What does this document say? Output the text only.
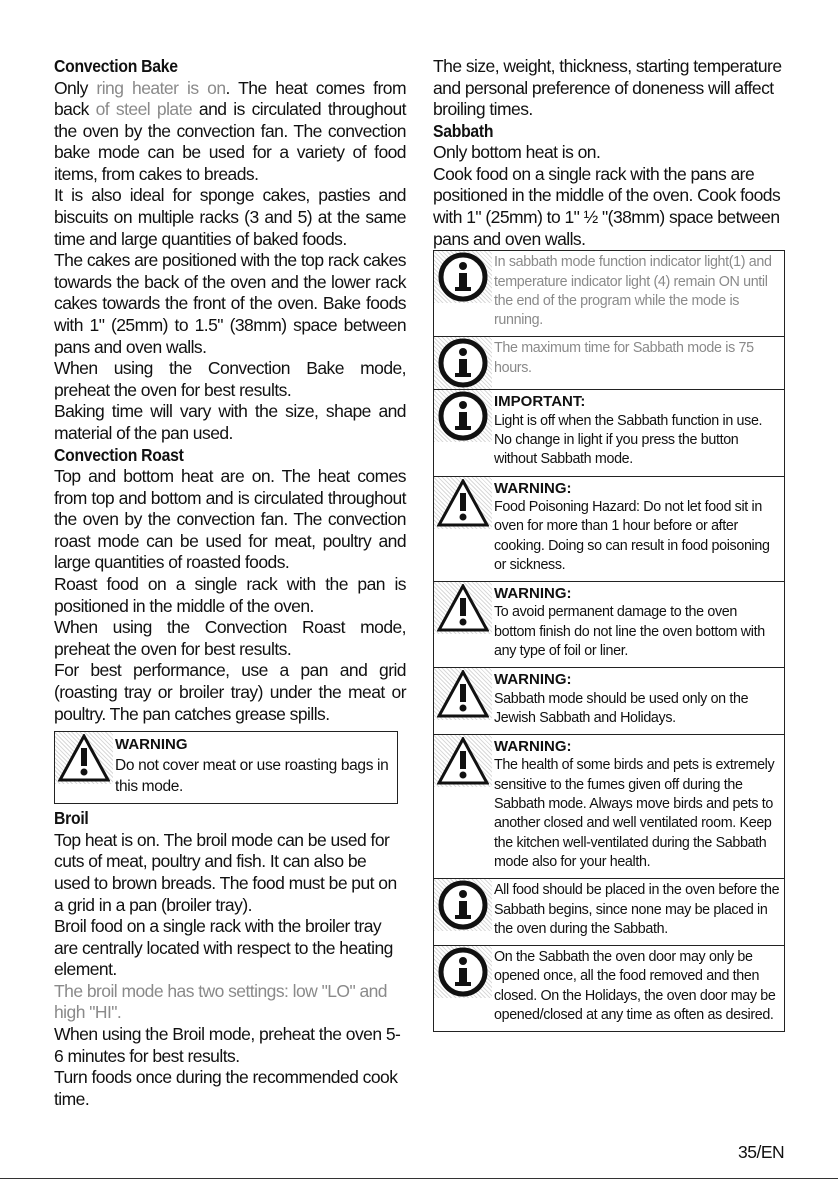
Convection Bake
Only ring heater is on. The heat comes from back of steel plate and is circulated throughout the oven by the convection fan. The convection bake mode can be used for a variety of food items, from cakes to breads.
It is also ideal for sponge cakes, pasties and biscuits on multiple racks (3 and 5) at the same time and large quantities of baked foods.
The cakes are positioned with the top rack cakes towards the back of the oven and the lower rack cakes towards the front of the oven. Bake foods with 1" (25mm) to 1.5" (38mm) space between pans and oven walls.
When using the Convection Bake mode, preheat the oven for best results.
Baking time will vary with the size, shape and material of the pan used.
Convection Roast
Top and bottom heat are on. The heat comes from top and bottom and is circulated throughout the oven by the convection fan. The convection roast mode can be used for meat, poultry and large quantities of roasted foods.
Roast food on a single rack with the pan is positioned in the middle of the oven.
When using the Convection Roast mode, preheat the oven for best results.
For best performance, use a pan and grid (roasting tray or broiler tray) under the meat or poultry. The pan catches grease spills.
WARNING
Do not cover meat or use roasting bags in this mode.
Broil
Top heat is on. The broil mode can be used for cuts of meat, poultry and fish. It can also be used to brown breads. The food must be put on a grid in a pan (broiler tray).
Broil food on a single rack with the broiler tray are centrally located with respect to the heating element.
The broil mode has two settings: low "LO" and high "HI".
When using the Broil mode, preheat the oven 5-6 minutes for best results.
Turn foods once during the recommended cook time.
The size, weight, thickness, starting temperature and personal preference of doneness will affect broiling times.
Sabbath
Only bottom heat is on.
Cook food on a single rack with the pans are positioned in the middle of the oven. Cook foods with 1" (25mm) to 1" ½ "(38mm) space between pans and oven walls.
In sabbath mode function indicator light(1) and temperature indicator light (4) remain ON until the end of the program while the mode is running.
The maximum time for Sabbath mode is 75 hours.
IMPORTANT:
Light is off when the Sabbath function in use. No change in light if you press the button without Sabbath mode.
WARNING:
Food Poisoning Hazard: Do not let food sit in oven for more than 1 hour before or after cooking. Doing so can result in food poisoning or sickness.
WARNING:
To avoid permanent damage to the oven bottom finish do not line the oven bottom with any type of foil or liner.
WARNING:
Sabbath mode should be used only on the Jewish Sabbath and Holidays.
WARNING:
The health of some birds and pets is extremely sensitive to the fumes given off during the Sabbath mode. Always move birds and pets to another closed and well ventilated room. Keep the kitchen well-ventilated during the Sabbath mode also for your health.
All food should be placed in the oven before the Sabbath begins, since none may be placed in the oven during the Sabbath.
On the Sabbath the oven door may only be opened once, all the food removed and then closed. On the Holidays, the oven door may be opened/closed at any time as often as desired.
35/EN
